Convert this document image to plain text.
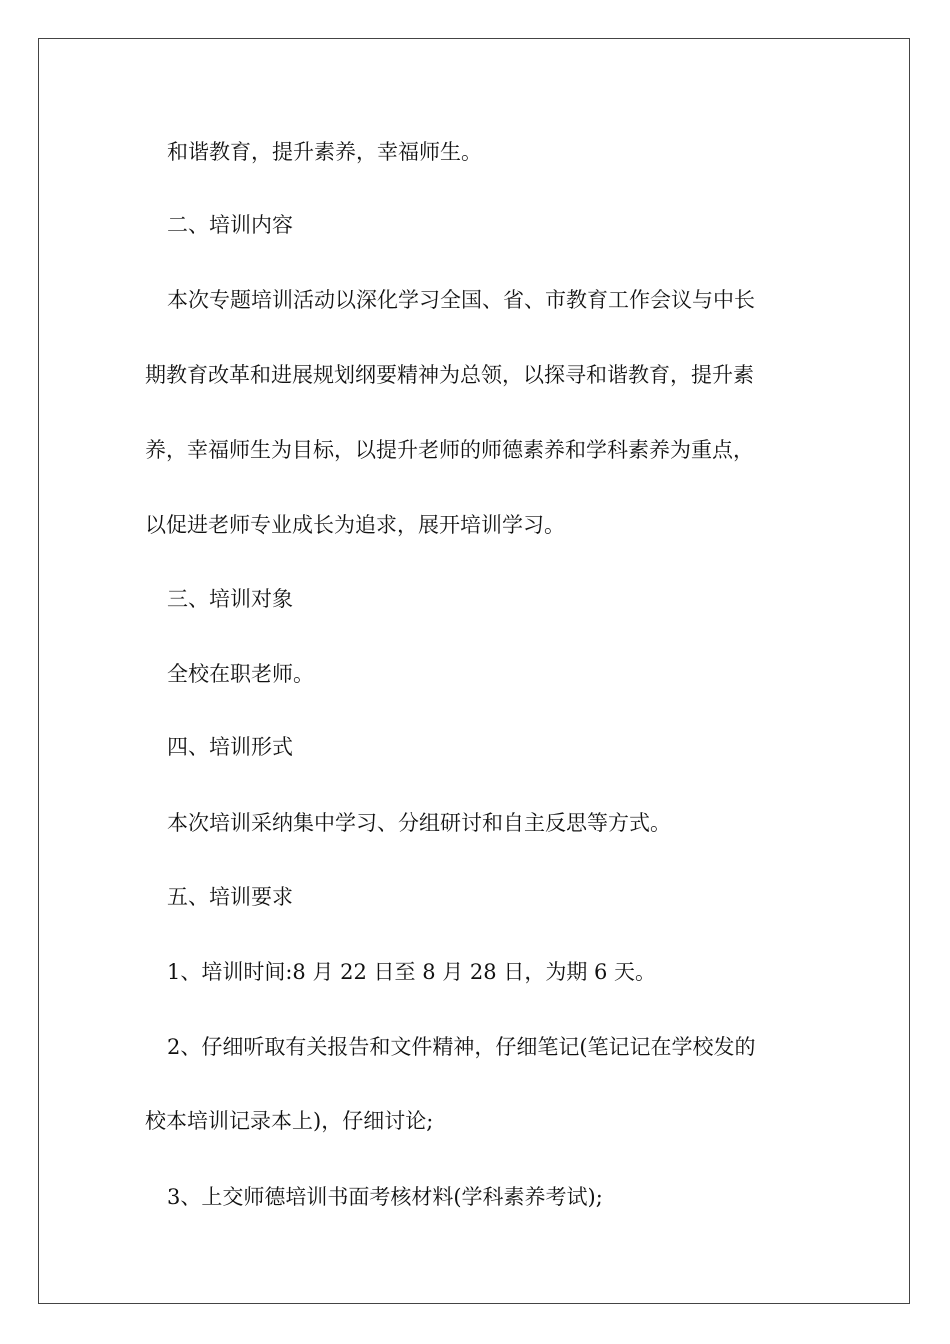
和谐教育，提升素养，幸福师生。
二、培训内容
本次专题培训活动以深化学习全国、省、市教育工作会议与中长
期教育改革和进展规划纲要精神为总领，以探寻和谐教育，提升素
养，幸福师生为目标，以提升老师的师德素养和学科素养为重点，
以促进老师专业成长为追求，展开培训学习。
三、培训对象
全校在职老师。
四、培训形式
本次培训采纳集中学习、分组研讨和自主反思等方式。
五、培训要求
1、培训时间:8 月 22 日至 8 月 28 日，为期 6 天。
2、仔细听取有关报告和文件精神，仔细笔记(笔记记在学校发的
校本培训记录本上)，仔细讨论;
3、上交师德培训书面考核材料(学科素养考试);
